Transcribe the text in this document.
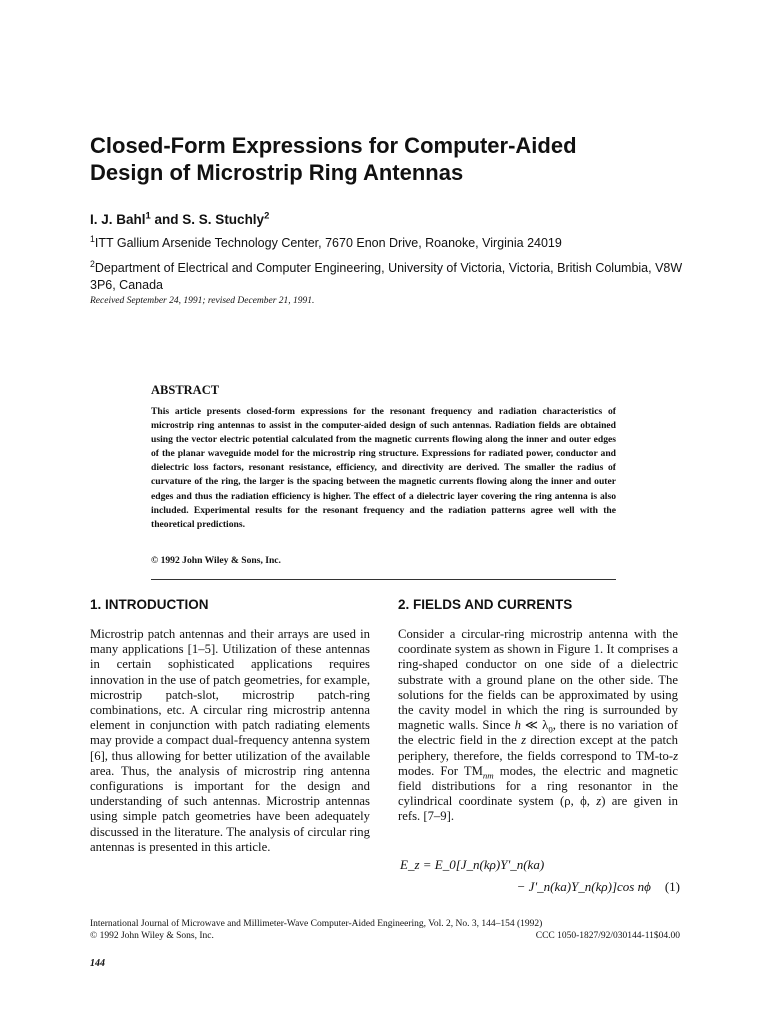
Closed-Form Expressions for Computer-Aided
Design of Microstrip Ring Antennas
I. J. Bahl$^1$ and S. S. Stuchly$^2$
$^1$ITT Gallium Arsenide Technology Center, 7670 Enon Drive, Roanoke, Virginia 24019
$^2$Department of Electrical and Computer Engineering, University of Victoria, Victoria, British Columbia, V8W 3P6, Canada
Received September 24, 1991; revised December 21, 1991.
ABSTRACT
This article presents closed-form expressions for the resonant frequency and radiation characteristics of microstrip ring antennas to assist in the computer-aided design of such antennas. Radiation fields are obtained using the vector electric potential calculated from the magnetic currents flowing along the inner and outer edges of the planar waveguide model for the microstrip ring structure. Expressions for radiated power, conductor and dielectric loss factors, resonant resistance, efficiency, and directivity are derived. The smaller the radius of curvature of the ring, the larger is the spacing between the magnetic currents flowing along the inner and outer edges and thus the radiation efficiency is higher. The effect of a dielectric layer covering the ring antenna is also included. Experimental results for the resonant frequency and the radiation patterns agree well with the theoretical predictions.
© 1992 John Wiley & Sons, Inc.
1. INTRODUCTION	2. FIELDS AND CURRENTS
Microstrip patch antennas and their arrays are used in many applications [1–5]. Utilization of these antennas in certain sophisticated applications requires innovation in the use of patch geometries, for example, microstrip patch-slot, microstrip patch-ring combinations, etc. A circular ring microstrip antenna element in conjunction with patch radiating elements may provide a compact dual-frequency antenna system [6], thus allowing for better utilization of the available area. Thus, the analysis of microstrip ring antenna configurations is important for the design and understanding of such antennas. Microstrip antennas using simple patch geometries have been adequately discussed in the literature. The analysis of circular ring antennas is presented in this article.
Consider a circular-ring microstrip antenna with the coordinate system as shown in Figure 1. It comprises a ring-shaped conductor on one side of a dielectric substrate with a ground plane on the other side. The solutions for the fields can be approximated by using the cavity model in which the ring is surrounded by magnetic walls. Since h ≪ $\lambda_0$, there is no variation of the electric field in the z direction except at the patch periphery, therefore, the fields correspond to TM-to-z modes. For $TM_{nm}$ modes, the electric and magnetic field distributions for a ring resonantor in the cylindrical coordinate system (ρ, ϕ, z) are given in refs. [7–9].
E_z = E_0[J_n(kρ)Y'_n(ka)
− J'_n(ka)Y_n(kρ)]cos nϕ (1)
International Journal of Microwave and Millimeter-Wave Computer-Aided Engineering, Vol. 2, No. 3, 144–154 (1992)
© 1992 John Wiley & Sons, Inc.	CCC 1050-1827/92/030144-11$04.00
144
